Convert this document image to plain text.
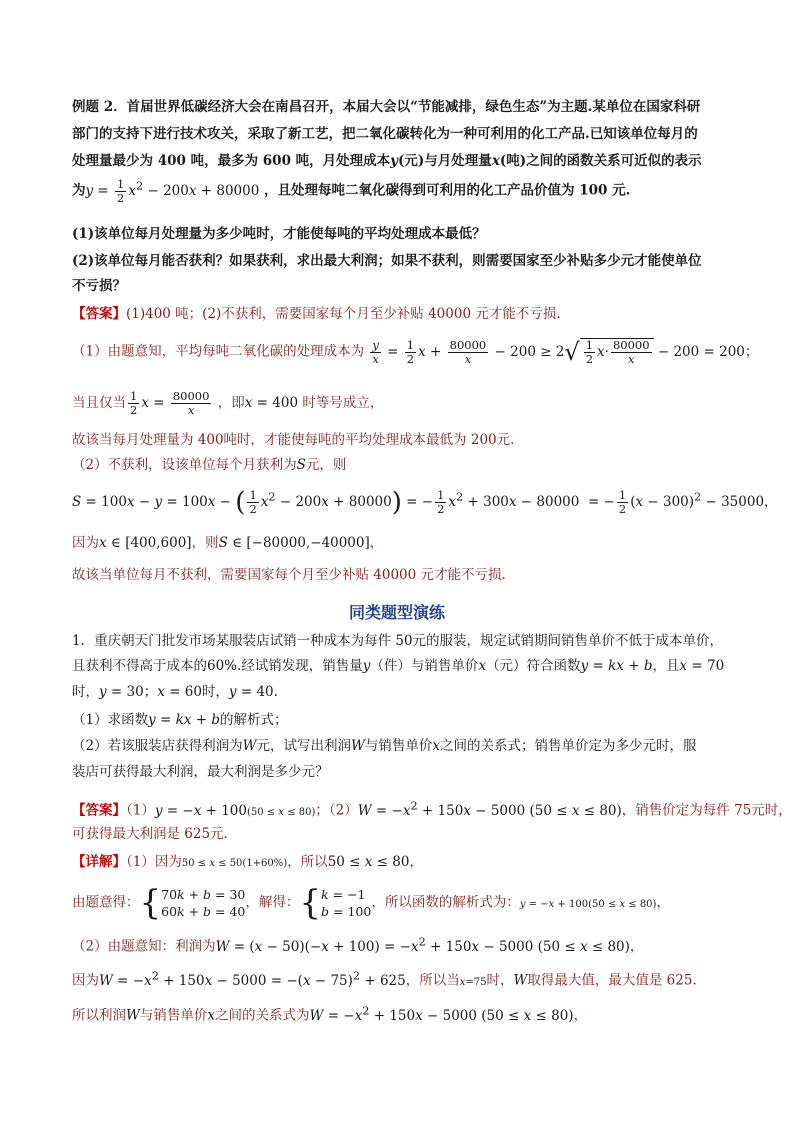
例题 2．首届世界低碳经济大会在南昌召开，本届大会以“节能减排，绿色生态”为主题.某单位在国家科研
部门的支持下进行技术攻关，采取了新工艺，把二氧化碳转化为一种可利用的化工产品.已知该单位每月的
处理量最少为 400 吨，最多为 600 吨，月处理成本y(元)与月处理量x(吨)之间的函数关系可近似的表示
为$y = \frac{1}{2} x^2 - 200x + 80000$ ，且处理每吨二氧化碳得到可利用的化工产品价值为 100 元.
(1)该单位每月处理量为多少吨时，才能使每吨的平均处理成本最低？
(2)该单位每月能否获利？如果获利，求出最大利润；如果不获利，则需要国家至少补贴多少元才能使单位
不亏损？
【答案】(1)400 吨；(2)不获利，需要国家每个月至少补贴 40000 元才能不亏损.
（1）由题意知，平均每吨二氧化碳的处理成本为 $\frac{y}{x} = \frac{1}{2}$ $x + \frac{80000}{x} - 200 \ge 2√ \frac{1}{2} x\cdot \frac{80000}{x} - 200 = 200$；
当且仅当 $\frac{1}{2}$ $x = \frac{80000}{x}$ ，即x = 400 时等号成立，
故该当每月处理量为 400吨时，才能使每吨的平均处理成本最低为 200元.
（2）不获利，设该单位每个月获利为S元，则
S = 100x − y = 100x − ( $\frac{1}{2} x^2 - 200x + 80000$) = − $\frac{1}{2} x^2 + 300x - 80000$  = − $\frac{1}{2} (x - 300)^2 - 35000$，
因为x ∈ [400,600]，则S ∈ [−80000,−40000]，
故该当单位每月不获利，需要国家每个月至少补贴 40000 元才能不亏损.
同类题型演练
1．重庆朝天门批发市场某服装店试销一种成本为每件 50元的服装，规定试销期间销售单价不低于成本单价，
且获利不得高于成本的60%.经试销发现，销售量y（件）与销售单价x（元）符合函数y = kx + b，且x = 70
时，y = 30；x = 60时，y = 40.
（1）求函数y = kx + b的解析式；
（2）若该服装店获得利润为W元，试写出利润W与销售单价x之间的关系式；销售单价定为多少元时，服
装店可获得最大利润，最大利润是多少元？
【答案】（1）y = −x + 100(50 ≤ x ≤ 80)；$(2)W = -x^2 + 150x - 5000$ (50 ≤ x ≤ 80)，销售价定为每件 75元时，
可获得最大利润是 625元.
【详解】（1）因为50 ≤ x ≤ 50(1+60%)，所以50 ≤ x ≤ 80，
由题意得：{70k + b = 30
60k + b = 40，解得：{k = −1
b = 100，所以函数的解析式为：y = −x + 100(50 ≤ x ≤ 80)，
（2）由题意知：利润为$W = (x - 50)(-x + 100) = -x^2 + 150x - 5000$ (50 ≤ x ≤ 80)，
因为$W = -x^2 + 150x - 5000 = -(x - 75)^2 + 625$，所以当x=75时，W取得最大值，最大值是 625.
所以利润W与销售单价x之间的关系式为$W = -x^2 + 150x - 5000$ (50 ≤ x ≤ 80)，
